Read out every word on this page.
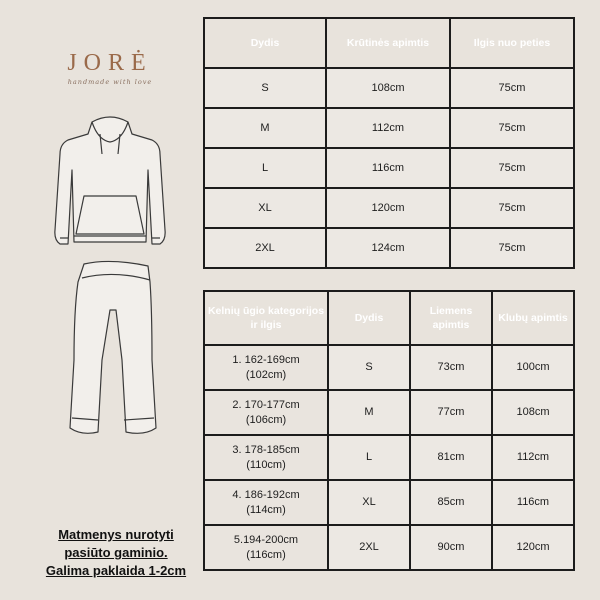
JORĖ
handmade with love
Matmenys nurotyti
pasiūto gaminio.
Galima paklaida 1-2cm
Dydis	Krūtinės apimtis	Ilgis nuo peties
S	108cm	75cm
M	112cm	75cm
L	116cm	75cm
XL	120cm	75cm
2XL	124cm	75cm
Kelnių ūgio kategorijos ir ilgis	Dydis	Liemens apimtis	Klubų apimtis

1. 162-169cm
(102cm)	S	73cm	100cm

2. 170-177cm
(106cm)	M	77cm	108cm

3. 178-185cm
(110cm)	L	81cm	112cm

4. 186-192cm
(114cm)	XL	85cm	116cm

5.194-200cm
(116cm)	2XL	90cm	120cm
